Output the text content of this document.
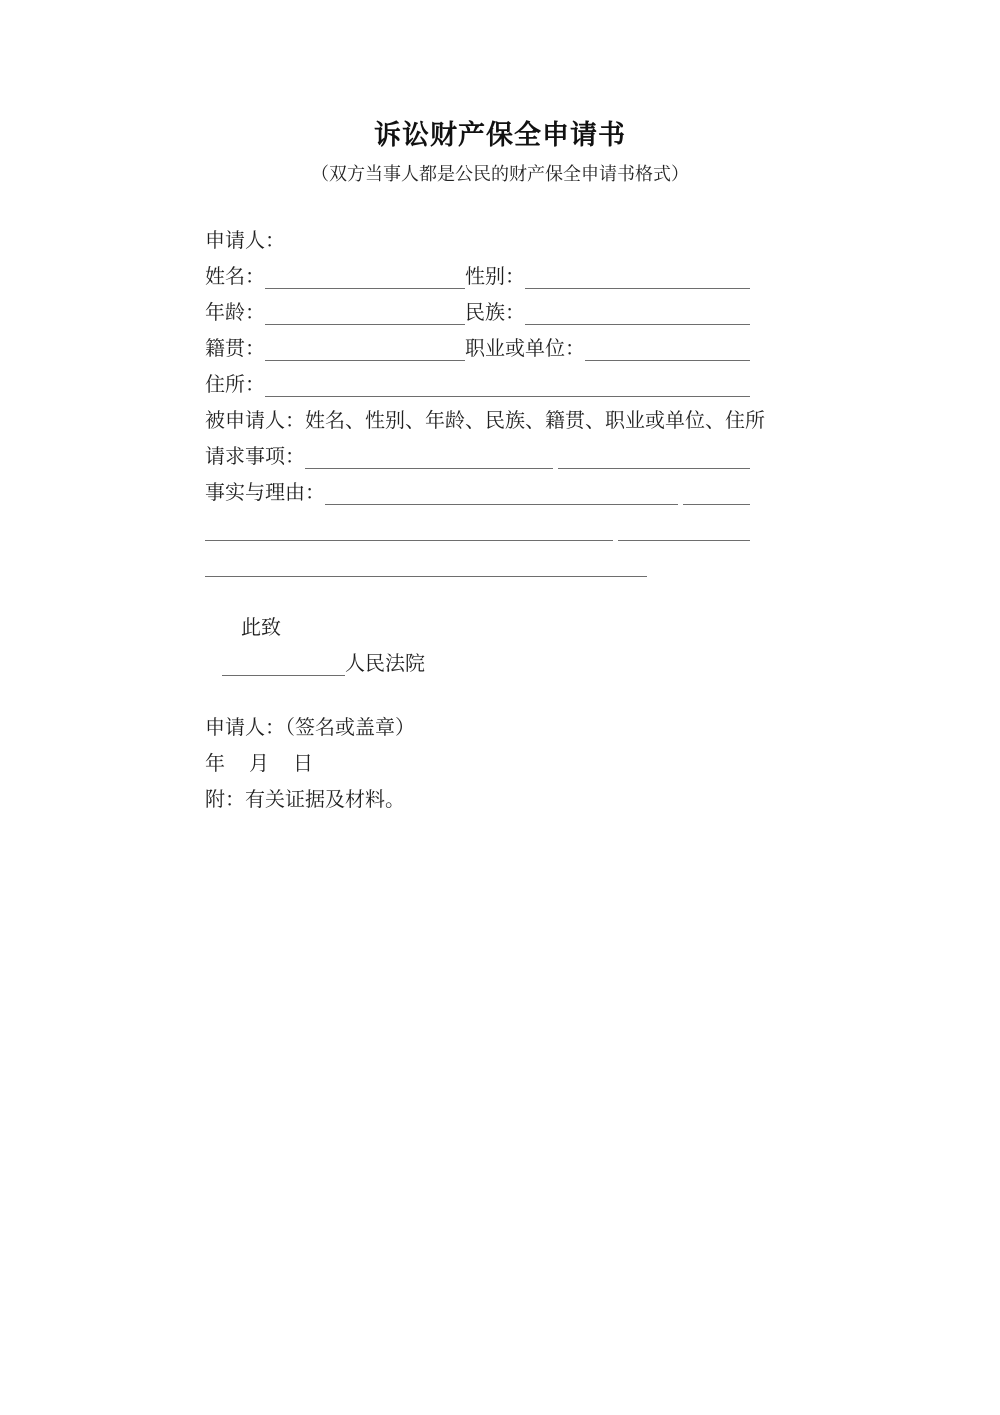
诉讼财产保全申请书
（双方当事人都是公民的财产保全申请书格式）
申请人：
姓名：	性别：
年龄：	民族：
籍贯：	职业或单位：
住所：
被申请人：姓名、性别、年龄、民族、籍贯、职业或单位、住所
请求事项：
事实与理由：
此致
人民法院
申请人：（签名或盖章）
年　月　日
附：有关证据及材料。
